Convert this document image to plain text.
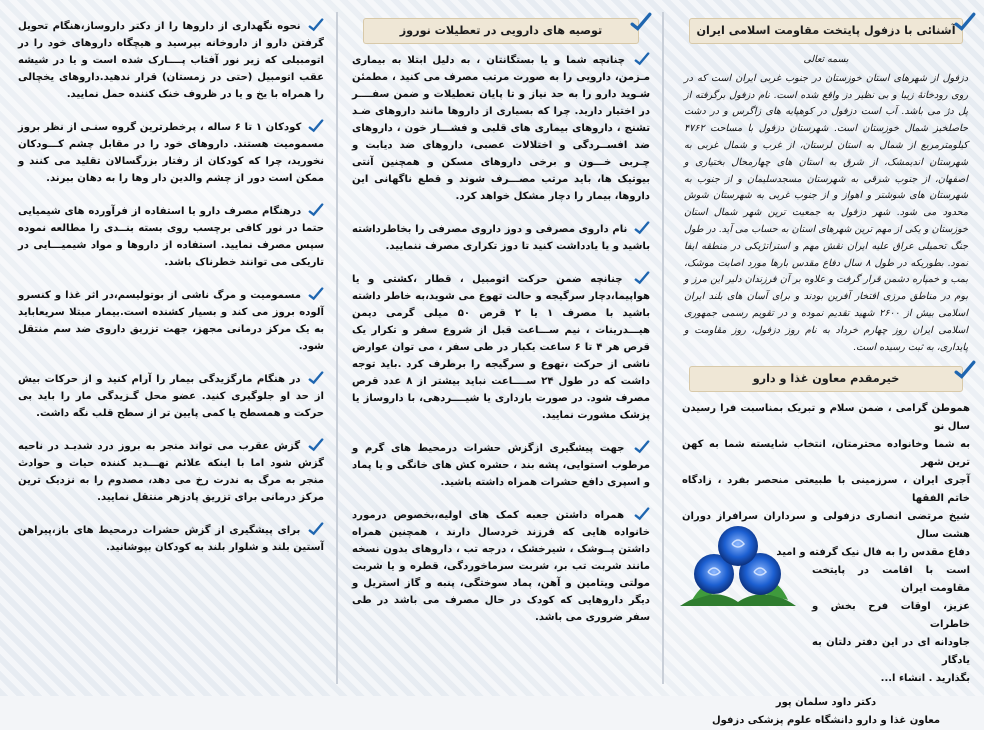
نحوه نگهداری از داروها را از دکتر داروساز،هنگام تحویل گرفتن دارو از داروخانه بپرسید و هیچگاه داروهای خود را در اتومبیلی که زیر نور آفتاب پــــارک شده است و یا در شیشه عقب اتومبیل (حتی در زمستان) قرار ندهید.داروهای یخچالی را همراه با یخ و یا در ظروف خنک کننده حمل نمایید.
کودکان ۱ تا ۶ ساله ، پرخطرترین گروه سنـی از نظر بروز مسمومیت هستند. داروهای خود را در مقابل چشم کـــودکان نخورید، چرا که کودکان از رفتار بزرگسالان تقلید می کنند و ممکن است دور از چشم والدین دار وها را به دهان ببرند.
درهنگام مصرف دارو یا استفاده از فرآورده های شیمیایی حتما در نور کافی برچسب روی بسته بنــدی را مطالعه نموده سپس مصرف نمایید. استفاده از داروها و مواد شیمیـــایی در تاریکی می توانند خطرناک باشد.
مسمومیت و مرگ ناشی از بوتولیسم،در اثر غذا و کنسرو آلوده بروز می کند و بسیار کشنده است.بیمار مبتلا سریعاباید به یک مرکز درمانی مجهز، جهت تزریق داروی ضد سم منتقل شود.
در هنگام مارگزیدگی بیمار را آرام کنید و از حرکات بیش از حد او جلوگیری کنید. عضو محل گـزیدگی مار را باید بی حرکت و همسطح یا کمی پایین تر از سطح قلب نگه داشت.
گزش عقرب می تواند منجر به بروز درد شدیـد در ناحیه گزش شود اما با اینکه علائم تهـــدید کننده حیات و حوادث منجر به مرگ به ندرت رخ می دهد، مصدوم را به نزدیک ترین مرکز درمانی برای تزریق پادزهر منتقل نمایید.
برای پیشگیری از گزش حشرات درمحیط های باز،پیراهن آستین بلند و شلوار بلند به کودکان بپوشانید.
توصیه های دارویی در تعطیلات نوروز
چنانچه شما و یا بستگانتان ، به دلیل ابتلا به بیماری مـزمن، دارویی را به صورت مرتب مصرف می کنید ، مطمئن شـوید دارو را به حد نیاز و تا پایان تعطیلات و ضمن سفــــر در اختیار دارید. چرا که بسیاری از داروها مانند داروهای ضـد تشنج ، داروهای بیماری های قلبی و فشـــار خون ، داروهای ضد افســردگی و اختلالات عصبی، داروهای ضد دیابت و چـربی خـــون و برخی داروهای مسکن و همچنین آنتی بیوتیک ها، باید مرتب مصـــرف شوند و قطع ناگهانی این داروها، بیمار را دچار مشکل خواهد کرد.
نام داروی مصرفی و دوز داروی مصرفی را بخاطرداشته باشید و یا یادداشت کنید تا دوز تکراری مصرف ننمایید.
چنانچه ضمن حرکت اتومبیل ، قطار ،کشتی و یا هواپیما،دچار سرگیجه و حالت تهوع می شوید،به خاطر داشته باشید با مصرف ۱ یا ۲ قرص ۵۰ میلی گرمی دیمن هیـــدرینات ، نیم ســـاعت قبل از شروع سفر و تکرار یک قرص هر ۴ تا ۶ ساعت یکبار در طی سفر ، می توان عوارض ناشی از حرکت ،تهوع و سرگیجه را برطرف کرد .باید توجه داشت که در طول ۲۴ ســــاعت نباید بیشتر از ۸ عدد قرص مصرف شود. در صورت بارداری یا شیــــردهی، با داروساز یا پزشک مشورت نمایید.
جهت پیشگیری ازگزش حشرات درمحیط های گرم و مرطوب استوایی، پشه بند ، حشره کش های خانگی و یا پماد و اسپری دافع حشرات همراه داشته باشید.
همراه داشتن جعبه کمک های اولیه،بخصوص درمورد خانواده هایی که فرزند خردسال دارند ، همچنین همراه داشتن پــوشک ، شیرخشک ، درجه تب ، داروهای بدون نسخه مانند شربت تب بر، شربت سرماخوردگی، قطره و یا شربت مولتی ویتامین و آهن، پماد سوختگی، پنبه و گاز استریل و دیگر داروهایی که کودک در حال مصرف می باشد در طی سفر ضروری می باشد.
آشنائی با دزفول پایتخت مقاومت اسلامی ایران
بسمه تعالی
دزفول از شهرهای استان خوزستان در جنوب غربی ایران است که در روی رودخانهٔ زیبا و بی نظیر دز واقع شده است. نام دزفول برگرفته از پل دژ می باشد. آب است دزفول در کوهپایه های زاگرس و در دشت حاصلخیز شمال خوزستان است. شهرستان دزفول با مساحت ۴۷۶۲ کیلومترمربع از شمال به استان لرستان، از غرب و شمال غربی به شهرستان اندیمشک، از شرق به استان های چهارمحال بختیاری و اصفهان، از جنوب شرقی به شهرستان مسجدسلیمان و از جنوب به شهرستان های شوشتر و اهواز و از جنوب غربی به شهرستان شوش محدود می شود. شهر دزفول به جمعیت ترین شهر شمال استان خوزستان و یکی از مهم ترین شهرهای استان به حساب می آید. در طول جنگ تحمیلی عراق علیه ایران نقش مهم و استراتژیکی در منطقه ایفا نمود. بطوریکه در طول ۸ سال دفاع مقدس بارها مورد اصابت موشک، بمب و خمپاره دشمن قرار گرفت و علاوه بر آن فرزندان دلیر این مرز و بوم در مناطق مرزی افتخار آفرین بودند و برای آسان های بلند ایران اسلامی بیش از ۲۶۰۰ شهید تقدیم نموده و در تقویم رسمی جمهوری اسلامی ایران روز چهارم خرداد به نام روز دزفول، روز مقاومت و پایداری، به ثبت رسیده است.
خیرمقدم معاون غذا و دارو
هموطن گرامی ، ضمن سلام و تبریک بمناسبت فرا رسیدن سال نو
به شما وخانواده محترمتان، انتخاب شایسته شما به کهن ترین شهر
آجری ایران ، سرزمینی با طبیعتی منحصر بفرد ، زادگاه خاتم الفقها
شیخ مرتضی انصاری دزفولی و سرداران سرافراز دوران هشت سال
دفاع مقدس را به فال نیک گرفته و امید
است با اقامت در پایتخت مقاومت ایران
عزیز، اوقات فرح بخش و خاطرات
جاودانه ای در این دفتر دلتان به یادگار
بگذارید . انشاء ا...
دکتر داود سلمان پور
معاون غذا و دارو دانشگاه علوم پزشکی دزفول
